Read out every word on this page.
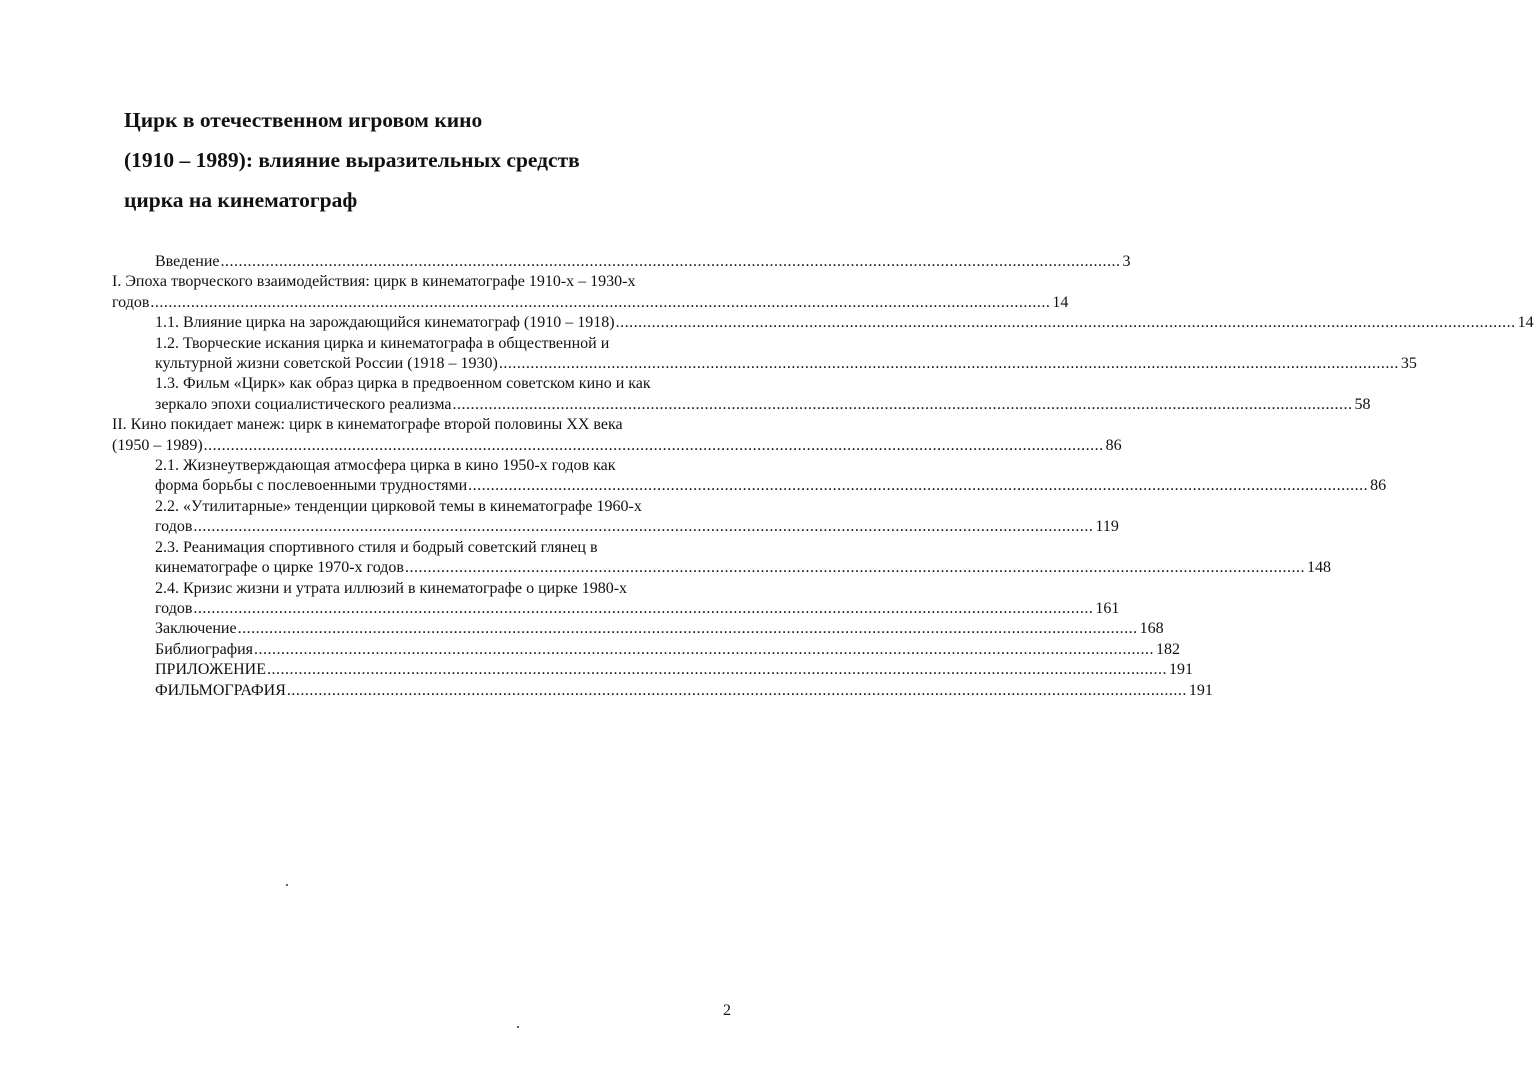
Цирк в отечественном игровом кино
(1910 – 1989): влияние выразительных средств
цирка на кинематограф
Введение ........................................................................................................................................................................................................ 3
I. Эпоха творческого взаимодействия: цирк в кинематографе 1910-х – 1930-х
годов ........................................................................................................................................................................................................ 14
1.1. Влияние цирка на зарождающийся кинематограф (1910 – 1918) ........................................................................................................................................................................................................ 14
1.2. Творческие искания цирка и кинематографа в общественной и
культурной жизни советской России (1918 – 1930) ........................................................................................................................................................................................................ 35
1.3. Фильм «Цирк» как образ цирка в предвоенном советском кино и как
зеркало эпохи социалистического реализма ........................................................................................................................................................................................................ 58
II. Кино покидает манеж: цирк в кинематографе второй половины XX века
(1950 – 1989) ........................................................................................................................................................................................................ 86
2.1. Жизнеутверждающая атмосфера цирка в кино 1950-х годов как
форма борьбы с послевоенными трудностями ........................................................................................................................................................................................................ 86
2.2. «Утилитарные» тенденции цирковой темы в кинематографе 1960-х
годов ........................................................................................................................................................................................................ 119
2.3. Реанимация спортивного стиля и бодрый советский глянец в
кинематографе о цирке 1970-х годов ........................................................................................................................................................................................................ 148
2.4. Кризис жизни и утрата иллюзий в кинематографе о цирке 1980-х
годов ........................................................................................................................................................................................................ 161
Заключение ........................................................................................................................................................................................................ 168
Библиография ........................................................................................................................................................................................................ 182
ПРИЛОЖЕНИЕ ........................................................................................................................................................................................................ 191
ФИЛЬМОГРАФИЯ ........................................................................................................................................................................................................ 191
2
